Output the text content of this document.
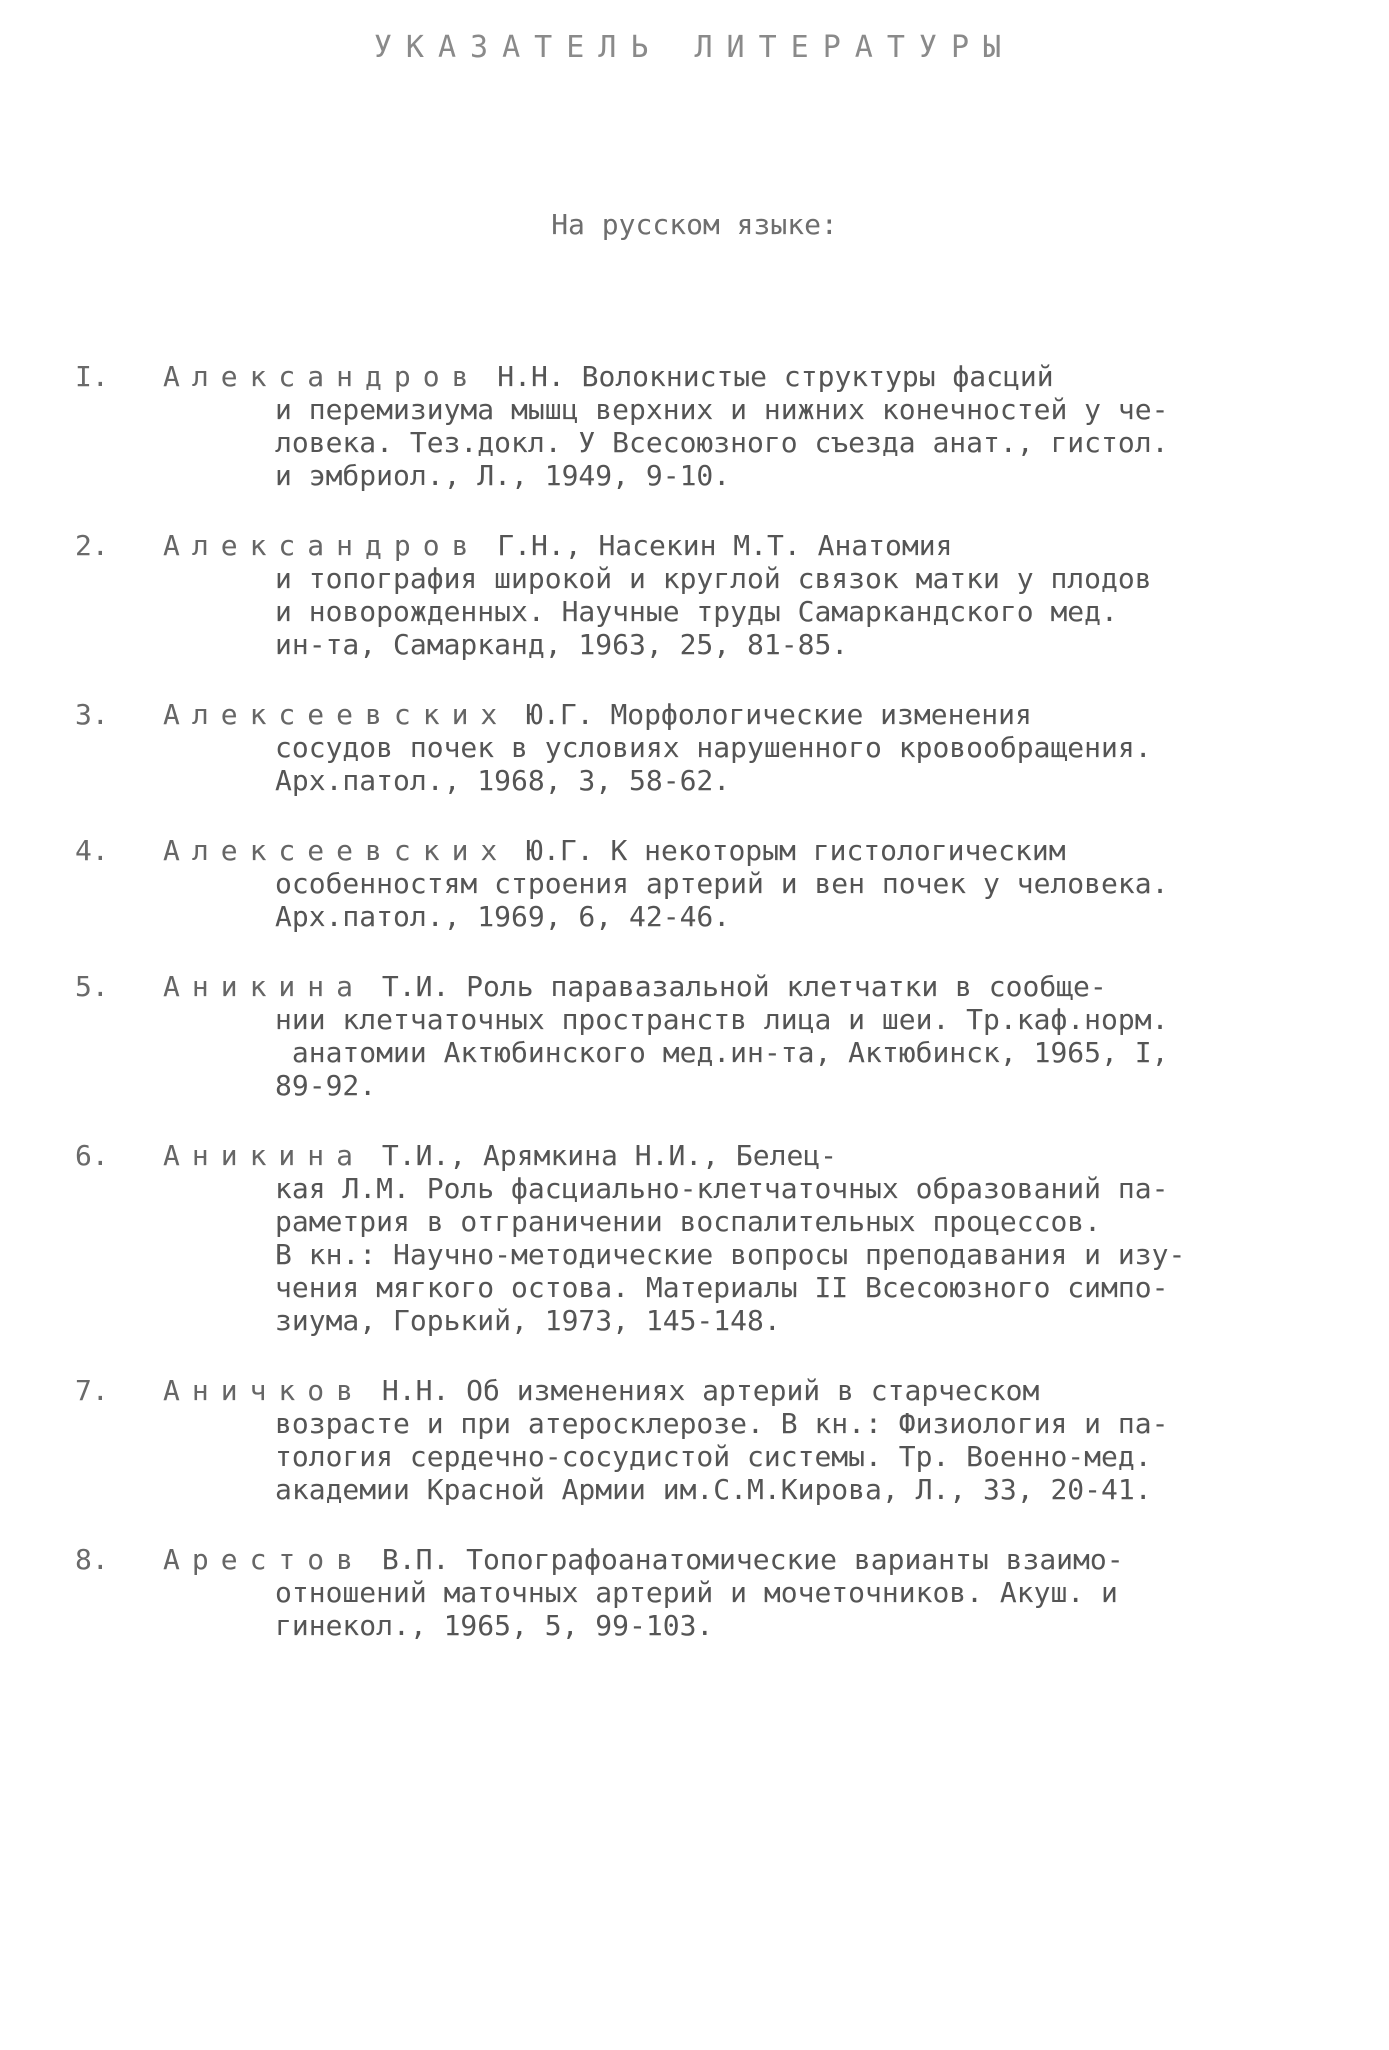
УКАЗАТЕЛЬ ЛИТЕРАТУРЫ
На русском языке:
I.	Александров Н.Н. Волокнистые структуры фасций
и перемизиума мышц верхних и нижних конечностей у че-
ловека. Тез.докл. У Всесоюзного съезда анат., гистол.
и эмбриол., Л., 1949, 9-10.
2.	Александров Г.Н., Насекин М.Т. Анатомия
и топография широкой и круглой связок матки у плодов
и новорожденных. Научные труды Самаркандского мед.
ин-та, Самарканд, 1963, 25, 81-85.
3.	Алексеевских Ю.Г. Морфологические изменения
сосудов почек в условиях нарушенного кровообращения.
Арх.патол., 1968, 3, 58-62.
4.	Алексеевских Ю.Г. К некоторым гистологическим
особенностям строения артерий и вен почек у человека.
Арх.патол., 1969, 6, 42-46.
5.	Аникина Т.И. Роль паравазальной клетчатки в сообще-
нии клетчаточных пространств лица и шеи. Тр.каф.норм.
анатомии Актюбинского мед.ин-та, Актюбинск, 1965, I,
89-92.
6.	Аникина Т.И., Арямкина Н.И., Белец-
кая Л.М. Роль фасциально-клетчаточных образований па-
раметрия в отграничении воспалительных процессов.
В кн.: Научно-методические вопросы преподавания и изу-
чения мягкого остова. Материалы II Всесоюзного симпо-
зиума, Горький, 1973, 145-148.
7.	Аничков Н.Н. Об изменениях артерий в старческом
возрасте и при атеросклерозе. В кн.: Физиология и па-
тология сердечно-сосудистой системы. Тр. Военно-мед.
академии Красной Армии им.С.М.Кирова, Л., 33, 20-41.
8.	Арестов В.П. Топографоанатомические варианты взаимо-
отношений маточных артерий и мочеточников. Акуш. и
гинекол., 1965, 5, 99-103.
